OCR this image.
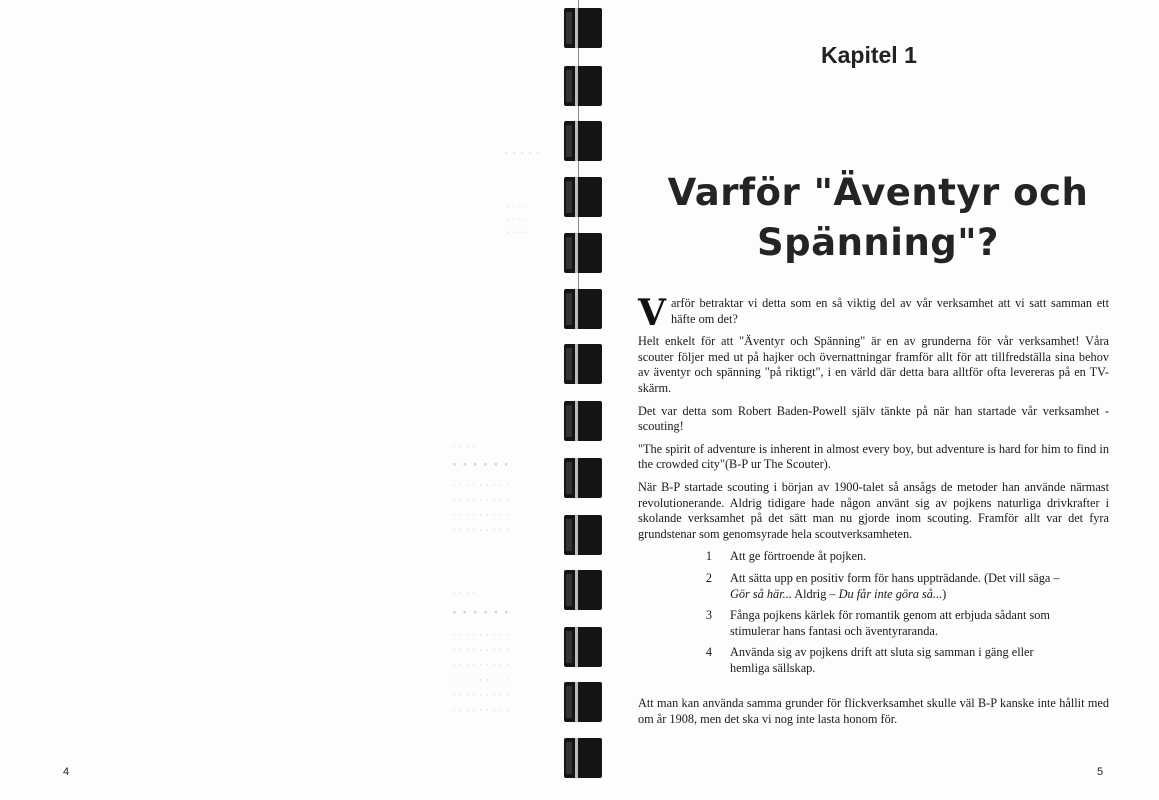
· · · · ·
· · · ·
· · · ·
· · · ·
· · · ·
· · · · · ·
· · · · · · · · ·
· · · · · · · · ·
· · · · · · · · ·
· · · · · · · · ·
· · · ·
· · · · · ·
· · · · · · · · ·
· · · · · · · · ·
· · · · · · · · ·
· · · · · · · · ·
· · · · · · · · ·
· · · · · · · · ·
4
Kapitel 1
Varför "Äventyr och
Spänning"?

Varför betraktar vi detta som en så viktig del av vår verksamhet att vi satt samman ett häfte om det?

Helt enkelt för att "Äventyr och Spänning" är en av grunderna för vår verksamhet! Våra scouter följer med ut på hajker och övernattningar framför allt för att tillfredställa sina behov av äventyr och spänning "på riktigt", i en värld där detta bara alltför ofta levereras på en TV-skärm.

Det var detta som Robert Baden-Powell själv tänkte på när han startade vår verksamhet - scouting!

"The spirit of adventure is inherent in almost every boy, but adventure is hard for him to find in the crowded city"(B-P ur The Scouter).

När B-P startade scouting i början av 1900-talet så ansågs de metoder han använde närmast revolutionerande. Aldrig tidigare hade någon använt sig av pojkens naturliga drivkrafter i skolande verksamhet på det sätt man nu gjorde inom scouting. Framför allt var det fyra grundstenar som genomsyrade hela scoutverksamheten.

1	Att ge förtroende åt pojken.
2	Att sätta upp en positiv form för hans uppträdande. (Det vill säga – Gör så här... Aldrig – Du får inte göra så...)
3	Fånga pojkens kärlek för romantik genom att erbjuda sådant som stimulerar hans fantasi och äventyraranda.
4	Använda sig av pojkens drift att sluta sig samman i gäng eller hemliga sällskap.

Att man kan använda samma grunder för flickverksamhet skulle väl B-P kanske inte hållit med om år 1908, men det ska vi nog inte lasta honom för.

5
